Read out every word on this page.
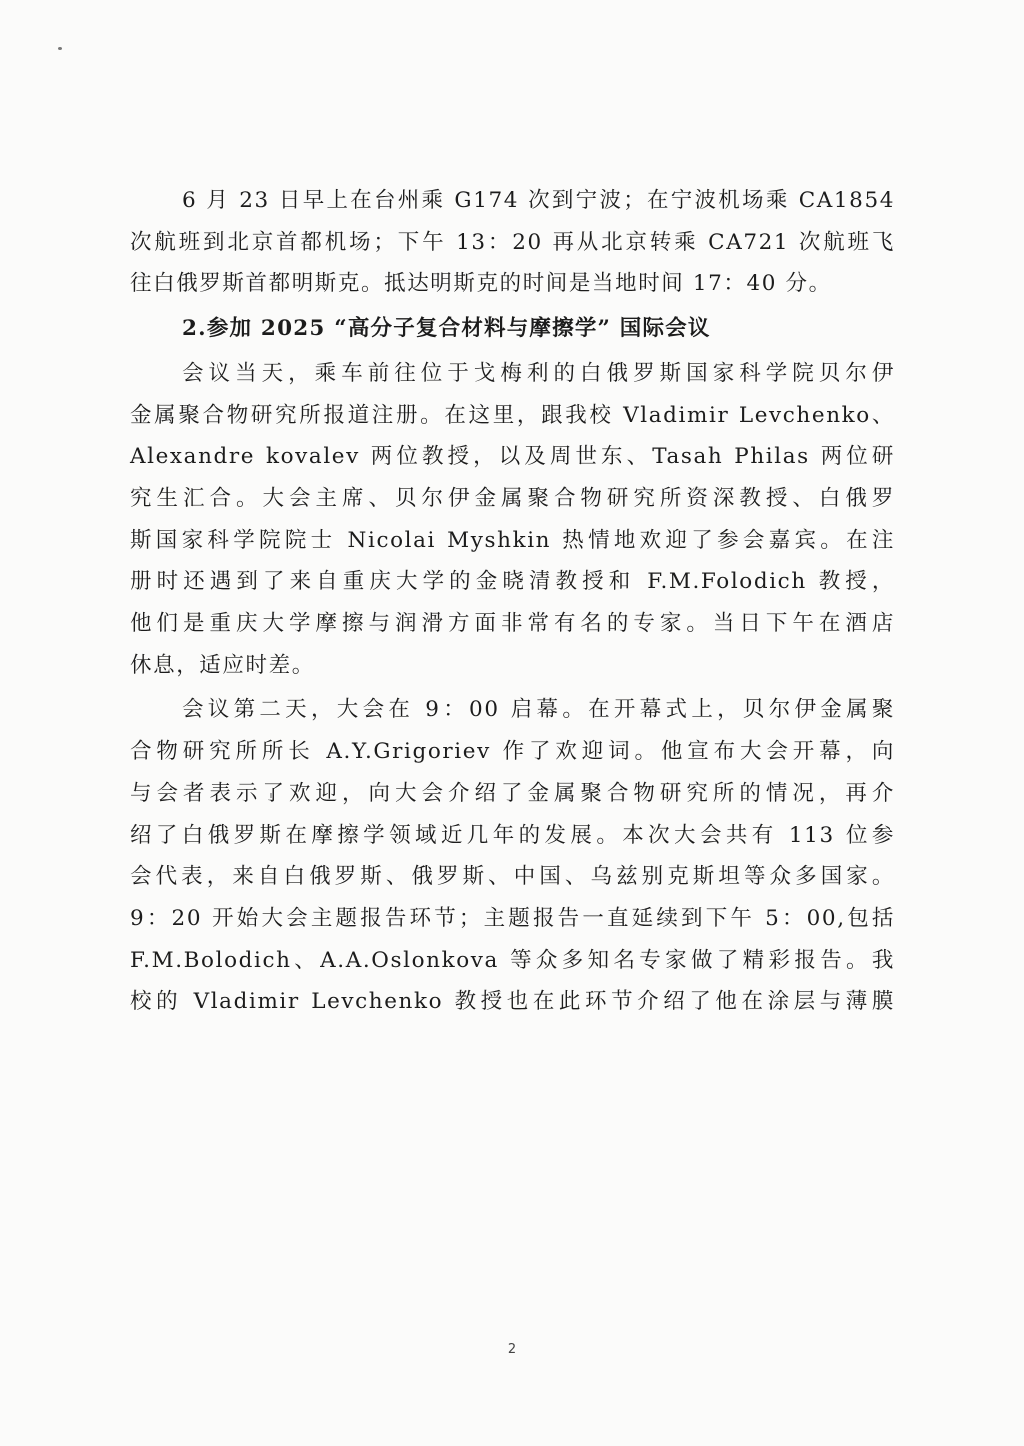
6 月 23 日早上在台州乘 G174 次到宁波；在宁波机场乘 CA1854
次航班到北京首都机场；下午 13：20 再从北京转乘 CA721 次航班飞
往白俄罗斯首都明斯克。抵达明斯克的时间是当地时间 17：40 分。
2.参加 2025 “高分子复合材料与摩擦学” 国际会议
会议当天，乘车前往位于戈梅利的白俄罗斯国家科学院贝尔伊
金属聚合物研究所报道注册。在这里，跟我校 Vladimir Levchenko、
Alexandre kovalev 两位教授，以及周世东、Tasah Philas 两位研
究生汇合。大会主席、贝尔伊金属聚合物研究所资深教授、白俄罗
斯国家科学院院士 Nicolai Myshkin 热情地欢迎了参会嘉宾。在注
册时还遇到了来自重庆大学的金晓清教授和 F.M.Folodich 教授，
他们是重庆大学摩擦与润滑方面非常有名的专家。当日下午在酒店
休息，适应时差。
会议第二天，大会在 9：00 启幕。在开幕式上，贝尔伊金属聚
合物研究所所长 A.Y.Grigoriev 作了欢迎词。他宣布大会开幕，向
与会者表示了欢迎，向大会介绍了金属聚合物研究所的情况，再介
绍了白俄罗斯在摩擦学领域近几年的发展。本次大会共有 113 位参
会代表，来自白俄罗斯、俄罗斯、中国、乌兹别克斯坦等众多国家。
9：20 开始大会主题报告环节；主题报告一直延续到下午 5：00,包括
F.M.Bolodich、A.A.Oslonkova 等众多知名专家做了精彩报告。我
校的 Vladimir Levchenko 教授也在此环节介绍了他在涂层与薄膜
2
